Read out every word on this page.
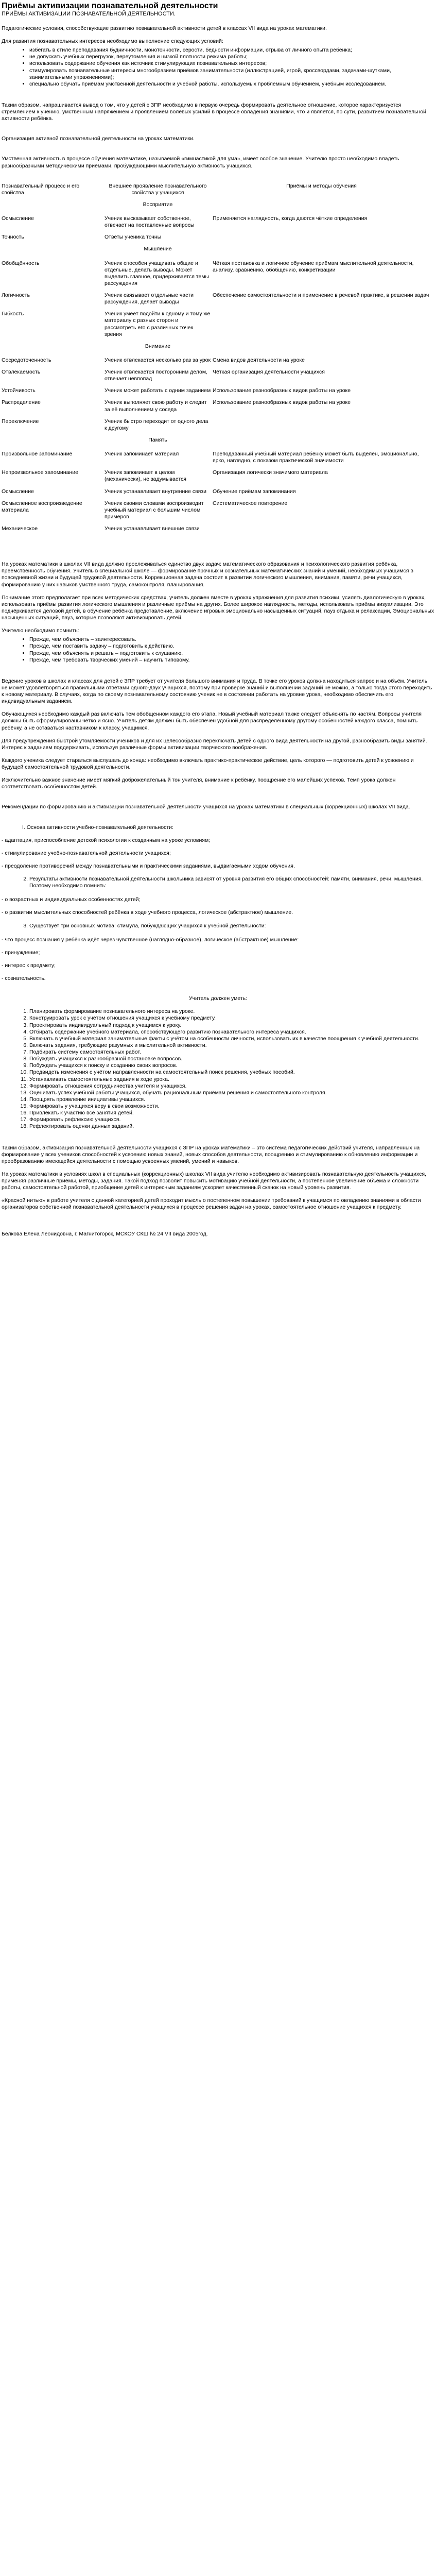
Приёмы активизации познавательной деятельности
ПРИЁМЫ АКТИВИЗАЦИИ ПОЗНАВАТЕЛЬНОЙ ДЕЯТЕЛЬНОСТИ.

Педагогические условия, способствующие развитию познавательной активности детей в классах VII вида на уроках математики.

Для развития познавательных интересов необходимо выполнение следующих условий:

• избегать в стиле преподавания будничности, монотонности, серости, бедности информации, отрыва от личного опыта ребенка;
• не допускать учебных перегрузок, переутомления и низкой плотности режима работы;
• использовать содержание обучения как источник стимулирующих познавательных интересов;
• стимулировать познавательные интересы многообразием приёмов занимательности (иллюстрацией, игрой, кроссвордами, задачами-шутками, занимательными упражнениями);
• специально обучать приёмам умственной деятельности и учебной работы, используемых проблемным обучением, учебным исследованием.

Таким образом, напрашивается вывод о том, что у детей с ЗПР необходимо в первую очередь формировать деятельное отношение, которое характеризуется стремлением к учению, умственным напряжением и проявлением волевых усилий в процессе овладения знаниями, что и является, по сути, развитием познавательной активности ребёнка.

Организация активной познавательной деятельности на уроках математики.

Умственная активность в процессе обучения математике, называемой «гимнастикой для ума», имеет особое значение. Учителю просто необходимо владеть разнообразными методическими приёмами, пробуждающими мыслительную активность учащихся.

Познавательный процесс и его свойства	Внешнее проявление познавательного свойства у учащихся	Приёмы и методы обучения
	Восприятие	
Осмысление	Ученик высказывает собственное, отвечает на поставленные вопросы	Применяется наглядность, когда даются чёткие определения
Точность	Ответы ученика точны	
	Мышление	
Обобщённость	Ученик способен учащивать общие и отдельные, делать выводы. Может выделить главное, придерживается темы рассуждения	Чёткая постановка и логичное обучение приёмам мыслительной деятельности, анализу, сравнению, обобщению, конкретизации
Логичность	Ученик связывает отдельные части рассуждения, делает выводы	Обеспечение самостоятельности и применение в речевой практике, в решении задач
Гибкость	Ученик умеет подойти к одному и тому же материалу с разных сторон и рассмотреть его с различных точек зрения	
	Внимание	
Сосредоточенность	Ученик отвлекается несколько раз за урок	Смена видов деятельности на уроке
Отвлекаемость	Ученик отвлекается посторонним делом, отвечает невпопад	Чёткая организация деятельности учащихся
Устойчивость	Ученик может работать с одним заданием	Использование разнообразных видов работы на уроке
Распределение	Ученик выполняет свою работу и следит за её выполнением у соседа	Использование разнообразных видов работы на уроке
Переключение	Ученик быстро переходит от одного дела к другому	
	Память	
Произвольное запоминание	Ученик запоминает материал	Преподаванный учебный материал ребёнку может быть выделен, эмоционально, ярко, наглядно, с показом практической значимости
Непроизвольное запоминание	Ученик запоминает в целом (механически), не задумывается	Организация логически значимого материала
Осмысление	Ученик устанавливает внутренние связи	Обучение приёмам запоминания
Осмысленное воспроизведение материала	Ученик своими словами воспроизводит учебный материал с большим числом примеров	Систематическое повторение
Механическое	Ученик устанавливает внешние связи	

На уроках математики в школах VII вида должно прослеживаться единство двух задач: математического образования и психологического развития ребёнка, преемственность обучения. Учитель в специальной школе — формирование прочных и сознательных математических знаний и умений, необходимых учащимся в повседневной жизни и будущей трудовой деятельности. Коррекционная задача состоит в развитии логического мышления, внимания, памяти, речи учащихся, формированию у них навыков умственного труда, самоконтроля, планирования.

Понимание этого предполагает при всех методических средствах, учитель должен вместе в уроках упражнения для развития психики, усилять диалогическую в уроках, использовать приёмы развития логического мышления и различные приёмы на других. Более широкое наглядность, методы, использовать приёмы визуализации. Это подчёркивается деловой детей, в обучение ребёнка представление, включение игровых эмоционально насыщенных ситуаций, пауз отдыха и релаксации, Эмоциональных насыщенных ситуаций, пауз, которые позволяют активизировать детей.

Учителю необходимо помнить:

• Прежде, чем объяснить – заинтересовать.
• Прежде, чем поставить задачу – подготовить к действию.
• Прежде, чем объяснять и решать – подготовить к слушанию.
• Прежде, чем требовать творческих умений – научить типовому.

Ведение уроков в школах и классах для детей с ЗПР требует от учителя большого внимания и труда. В точке его уроков должна находиться запрос и на объём. Учитель не может удовлетворяться правильными ответами одного-двух учащихся, поэтому при проверке знаний и выполнении заданий не можно, а только тогда этого переходить к новому материалу. В случаях, когда по своему познавательному состоянию ученик не в состоянии работать на уровне урока, необходимо обеспечить его индивидуальным заданием.

Обучающихся необходимо каждый раз включать тем обобщенном каждого его этапа. Новый учебный материал также следует объяснять по частям. Вопросы учителя должны быть сформулированы чётко и ясно. Учитель детям должен быть обеспечен удобной для распределённому другому особенностей каждого класса, помнить ребёнку, а не оставаться наставником к классу, учащимся.

Для предупреждения быстрой утомляемости учеников и для их целесообразно переключать детей с одного вида деятельности на другой, разнообразить виды занятий. Интерес к заданиям поддерживать, используя различные формы активизации творческого воображения.

Каждого ученика следует стараться выслушать до конца: необходимо включать практико-практическое действие, цель которого — подготовить детей к усвоению и будущей самостоятельной трудовой деятельности.

Исключительно важное значение имеет мягкий доброжелательный тон учителя, внимание к ребёнку, поощрение его малейших успехов. Темп урока должен соответствовать особенностям детей.

Рекомендации по формированию и активизации познавательной деятельности учащихся на уроках математики в специальных (коррекционных) школах VII вида.

I. Основа активности учебно-познавательной деятельности:

- адаптация, приспособление детской психологии к созданным на уроке условиям;

- стимулирование учебно-познавательной деятельности учащихся;

- преодоление противоречий между познавательными и практическими заданиями, выдвигаемыми ходом обучения.

2. Результаты активности познавательной деятельности школьника зависят от уровня развития его общих способностей: памяти, внимания, речи, мышления. Поэтому необходимо помнить:

- о возрастных и индивидуальных особенностях детей;

- о развитии мыслительных способностей ребёнка в ходе учебного процесса, логическое (абстрактное) мышление.

3. Существует три основных мотива: стимула, побуждающих учащихся к учебной деятельности:

- что процесс познания у ребёнка идёт через чувственное (наглядно-образное), логическое (абстрактное) мышление:

- принуждение;

- интерес к предмету;

- сознательность.

Учитель должен уметь:

1. Планировать формирование познавательного интереса на уроке.
2. Конструировать урок с учётом отношения учащихся к учебному предмету.
3. Проектировать индивидуальный подход к учащимся к уроку.
4. Отбирать содержание учебного материала, способствующего развитию познавательного интереса учащихся.
5. Включать в учебный материал занимательные факты с учётом на особенности личности, использовать их в качестве поощрения к учебной деятельности.
6. Включать задания, требующие разумных и мыслительной активности.
7. Подбирать систему самостоятельных работ.
8. Побуждать учащихся к разнообразной постановке вопросов.
9. Побуждать учащихся к поиску и созданию своих вопросов.
10. Предвидеть изменения с учётом направленности на самостоятельный поиск решения, учебных пособий.
11. Устанавливать самостоятельные задания в ходе урока.
12. Формировать отношения сотрудничества учителя и учащихся.
13. Оценивать успех учебной работы учащихся, обучать рациональным приёмам решения и самостоятельного контроля.
14. Поощрять проявление инициативы учащихся.
15. Формировать у учащихся веру в свои возможности.
16. Привлекать к участию все занятия детей.
17. Формировать рефлексию учащихся.
18. Рефлектировать оценки данных заданий.

Таким образом, активизация познавательной деятельности учащихся с ЗПР на уроках математики – это система педагогических действий учителя, направленных на формирование у всех учеников способностей к усвоению новых знаний, новых способов деятельности, поощрению и стимулированию к обновлению информации и преобразованию имеющейся деятельности с помощью усвоенных умений, умений и навыков.

На уроках математики в условиях школ в специальных (коррекционных) школах VII вида учителю необходимо активизировать познавательную деятельность учащихся, применяя различные приёмы, методы, задания. Такой подход позволит повысить мотивацию учебной деятельности, а постепенное увеличение объёма и сложности работы, самостоятельной работой, приобщение детей к интересным заданиям ускоряет качественный скачок на новый уровень развития.

«Красной нитью» в работе учителя с данной категорией детей проходит мысль о постепенном повышении требований к учащимся по овладению знаниями в области организаторов собственной познавательной деятельности учащихся в процессе решения задач на уроках, самостоятельное отношение учащихся к предмету.

Белкова Елена Леонидовна, г. Магнитогорск, МСКОУ СКШ № 24 VII вида 2005год.
